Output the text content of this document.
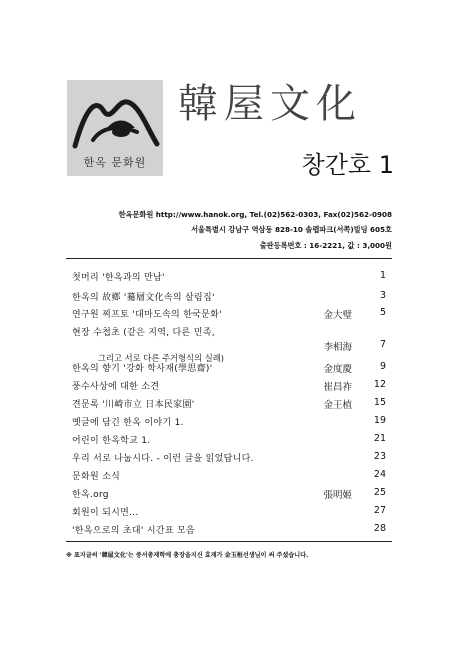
한옥 문화원
韓屋文化
창간호 1
한옥문화원 http://www.hanok.org, Tel.(02)562-0303, Fax(02)562-0908
서울특별시 강남구 역삼동 828-10 솔렙파크(서쪽)빌딩 605호
출판등록번호 : 16-2221, 값 : 3,000원
첫머리 '한옥과의 만남'	1
한옥의 故鄕 '驀層文化속의 살림집'	3
연구원 찌프토 '대마도속의 한국문화'	金大璧	5
현장 수첩초 (같은 지역, 다른 민족,
그리고 서로 다른 주거형식의 실례)
李相海	7
한옥의 향기 '강화 학사재(學思齋)'	金度慶	9
풍수사상에 대한 소견	崔昌祚 12
견문록 '川崎市立 日本民家園'	金王植 15
옛글에 담긴 한옥 이야기 1.	19
어린이 한옥학교 1.	21
우리 서로 나눕시다. - 이런 글을 읽었답니다.	23
문화원 소식	24
한옥.org	張明姬 25
회원이 되시면...	27
'한옥으로의 초대' 시간표 모음	28
※ 표지글씨 '韓屋文化'는 중서총재학에 총장을지신 효재가 金玉桓선생님이 써 주셨습니다.
